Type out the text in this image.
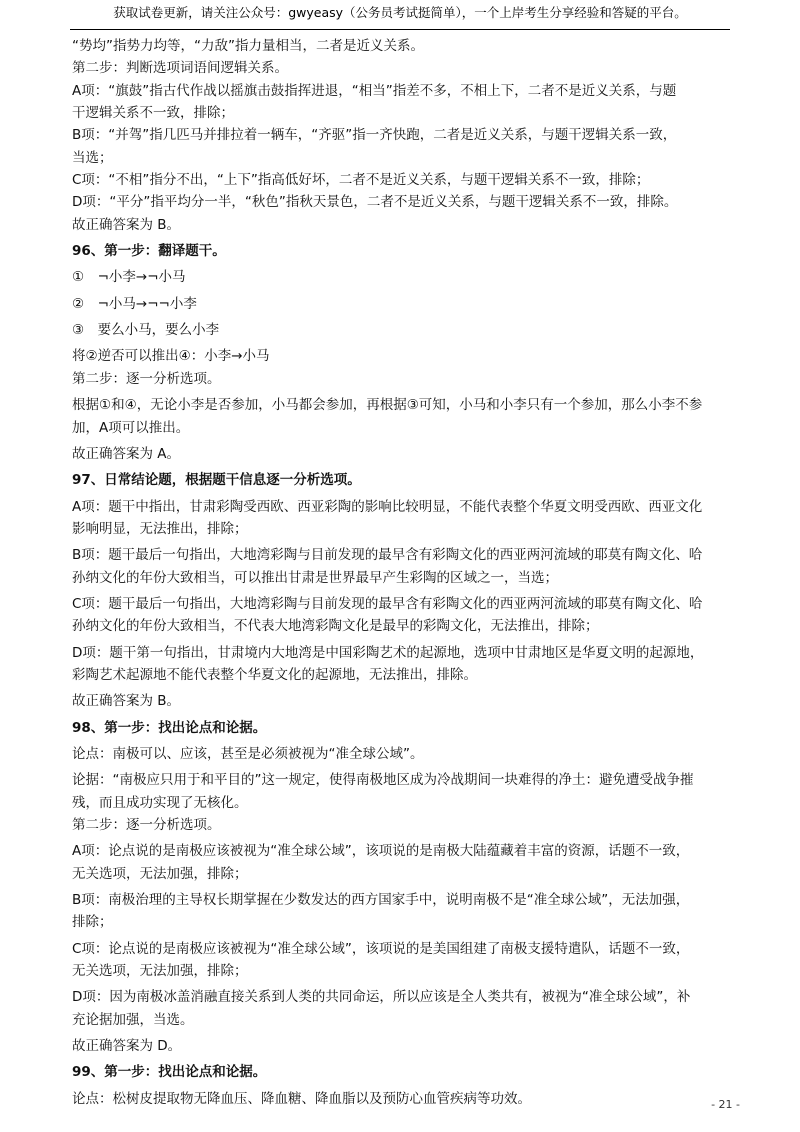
获取试卷更新，请关注公众号：gwyeasy（公务员考试挺简单），一个上岸考生分享经验和答疑的平台。
“势均”指势力均等，“力敌”指力量相当，二者是近义关系。
第二步：判断选项词语间逻辑关系。
A项：“旗鼓”指古代作战以摇旗击鼓指挥进退，“相当”指差不多，不相上下，二者不是近义关系，与题
干逻辑关系不一致，排除；
B项：“并驾”指几匹马并排拉着一辆车，“齐驱”指一齐快跑，二者是近义关系，与题干逻辑关系一致，
当选；
C项：“不相”指分不出，“上下”指高低好坏，二者不是近义关系，与题干逻辑关系不一致，排除；
D项：“平分”指平均分一半，“秋色”指秋天景色，二者不是近义关系，与题干逻辑关系不一致，排除。
故正确答案为 B。
96、第一步：翻译题干。
①　¬小李→¬小马
②　¬小马→¬¬小李
③　要么小马，要么小李
将②逆否可以推出④：小李→小马
第二步：逐一分析选项。
根据①和④，无论小李是否参加，小马都会参加，再根据③可知，小马和小李只有一个参加，那么小李不参
加，A项可以推出。
故正确答案为 A。
97、日常结论题，根据题干信息逐一分析选项。
A项：题干中指出，甘肃彩陶受西欧、西亚彩陶的影响比较明显，不能代表整个华夏文明受西欧、西亚文化
影响明显，无法推出，排除；
B项：题干最后一句指出，大地湾彩陶与目前发现的最早含有彩陶文化的西亚两河流域的耶莫有陶文化、哈
孙纳文化的年份大致相当，可以推出甘肃是世界最早产生彩陶的区域之一，当选；
C项：题干最后一句指出，大地湾彩陶与目前发现的最早含有彩陶文化的西亚两河流域的耶莫有陶文化、哈
孙纳文化的年份大致相当，不代表大地湾彩陶文化是最早的彩陶文化，无法推出，排除；
D项：题干第一句指出，甘肃境内大地湾是中国彩陶艺术的起源地，选项中甘肃地区是华夏文明的起源地，
彩陶艺术起源地不能代表整个华夏文化的起源地，无法推出，排除。
故正确答案为 B。
98、第一步：找出论点和论据。
论点：南极可以、应该，甚至是必须被视为“准全球公域”。
论据：“南极应只用于和平目的”这一规定，使得南极地区成为冷战期间一块难得的净土：避免遭受战争摧
残，而且成功实现了无核化。
第二步：逐一分析选项。
A项：论点说的是南极应该被视为“准全球公域”，该项说的是南极大陆蕴藏着丰富的资源，话题不一致，
无关选项，无法加强，排除；
B项：南极治理的主导权长期掌握在少数发达的西方国家手中，说明南极不是“准全球公域”，无法加强，
排除；
C项：论点说的是南极应该被视为“准全球公域”，该项说的是美国组建了南极支援特遣队，话题不一致，
无关选项，无法加强，排除；
D项：因为南极冰盖消融直接关系到人类的共同命运，所以应该是全人类共有，被视为“准全球公域”，补
充论据加强，当选。
故正确答案为 D。
99、第一步：找出论点和论据。
论点：松树皮提取物无降血压、降血糖、降血脂以及预防心血管疾病等功效。	- 21 -
